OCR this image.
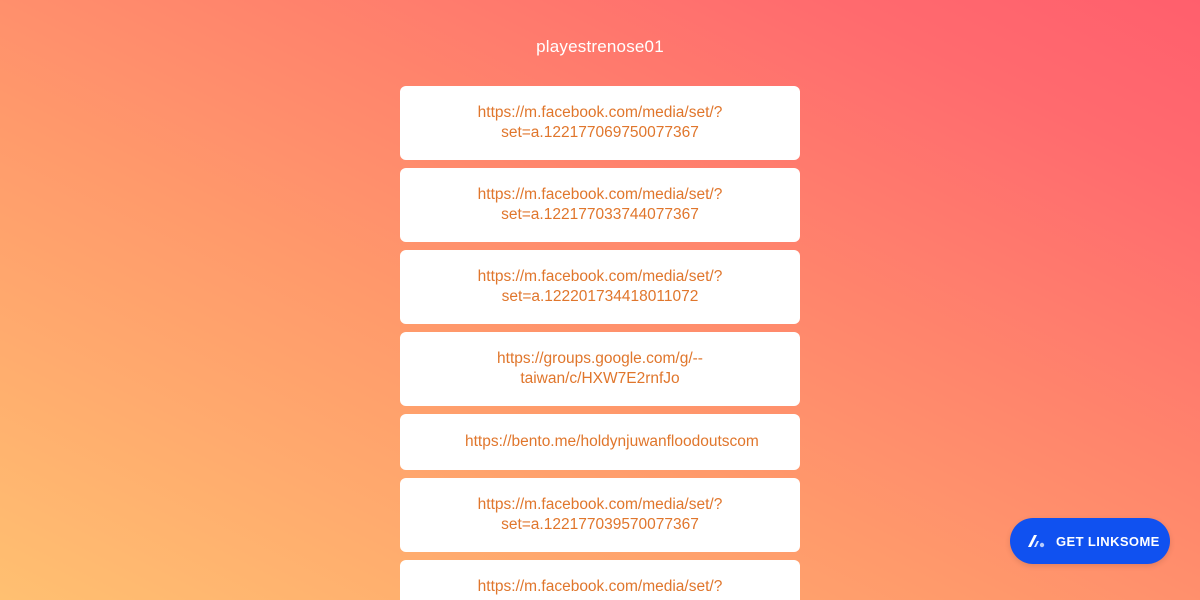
playestrenose01
https://m.facebook.com/media/set/?
set=a.122177069750077367
https://m.facebook.com/media/set/?
set=a.122177033744077367
https://m.facebook.com/media/set/?
set=a.122201734418011072
https://groups.google.com/g/--
taiwan/c/HXW7E2rnfJo
https://bento.me/holdynjuwanfloodoutscom
https://m.facebook.com/media/set/?
set=a.122177039570077367
https://m.facebook.com/media/set/?
GET LINKSOME
